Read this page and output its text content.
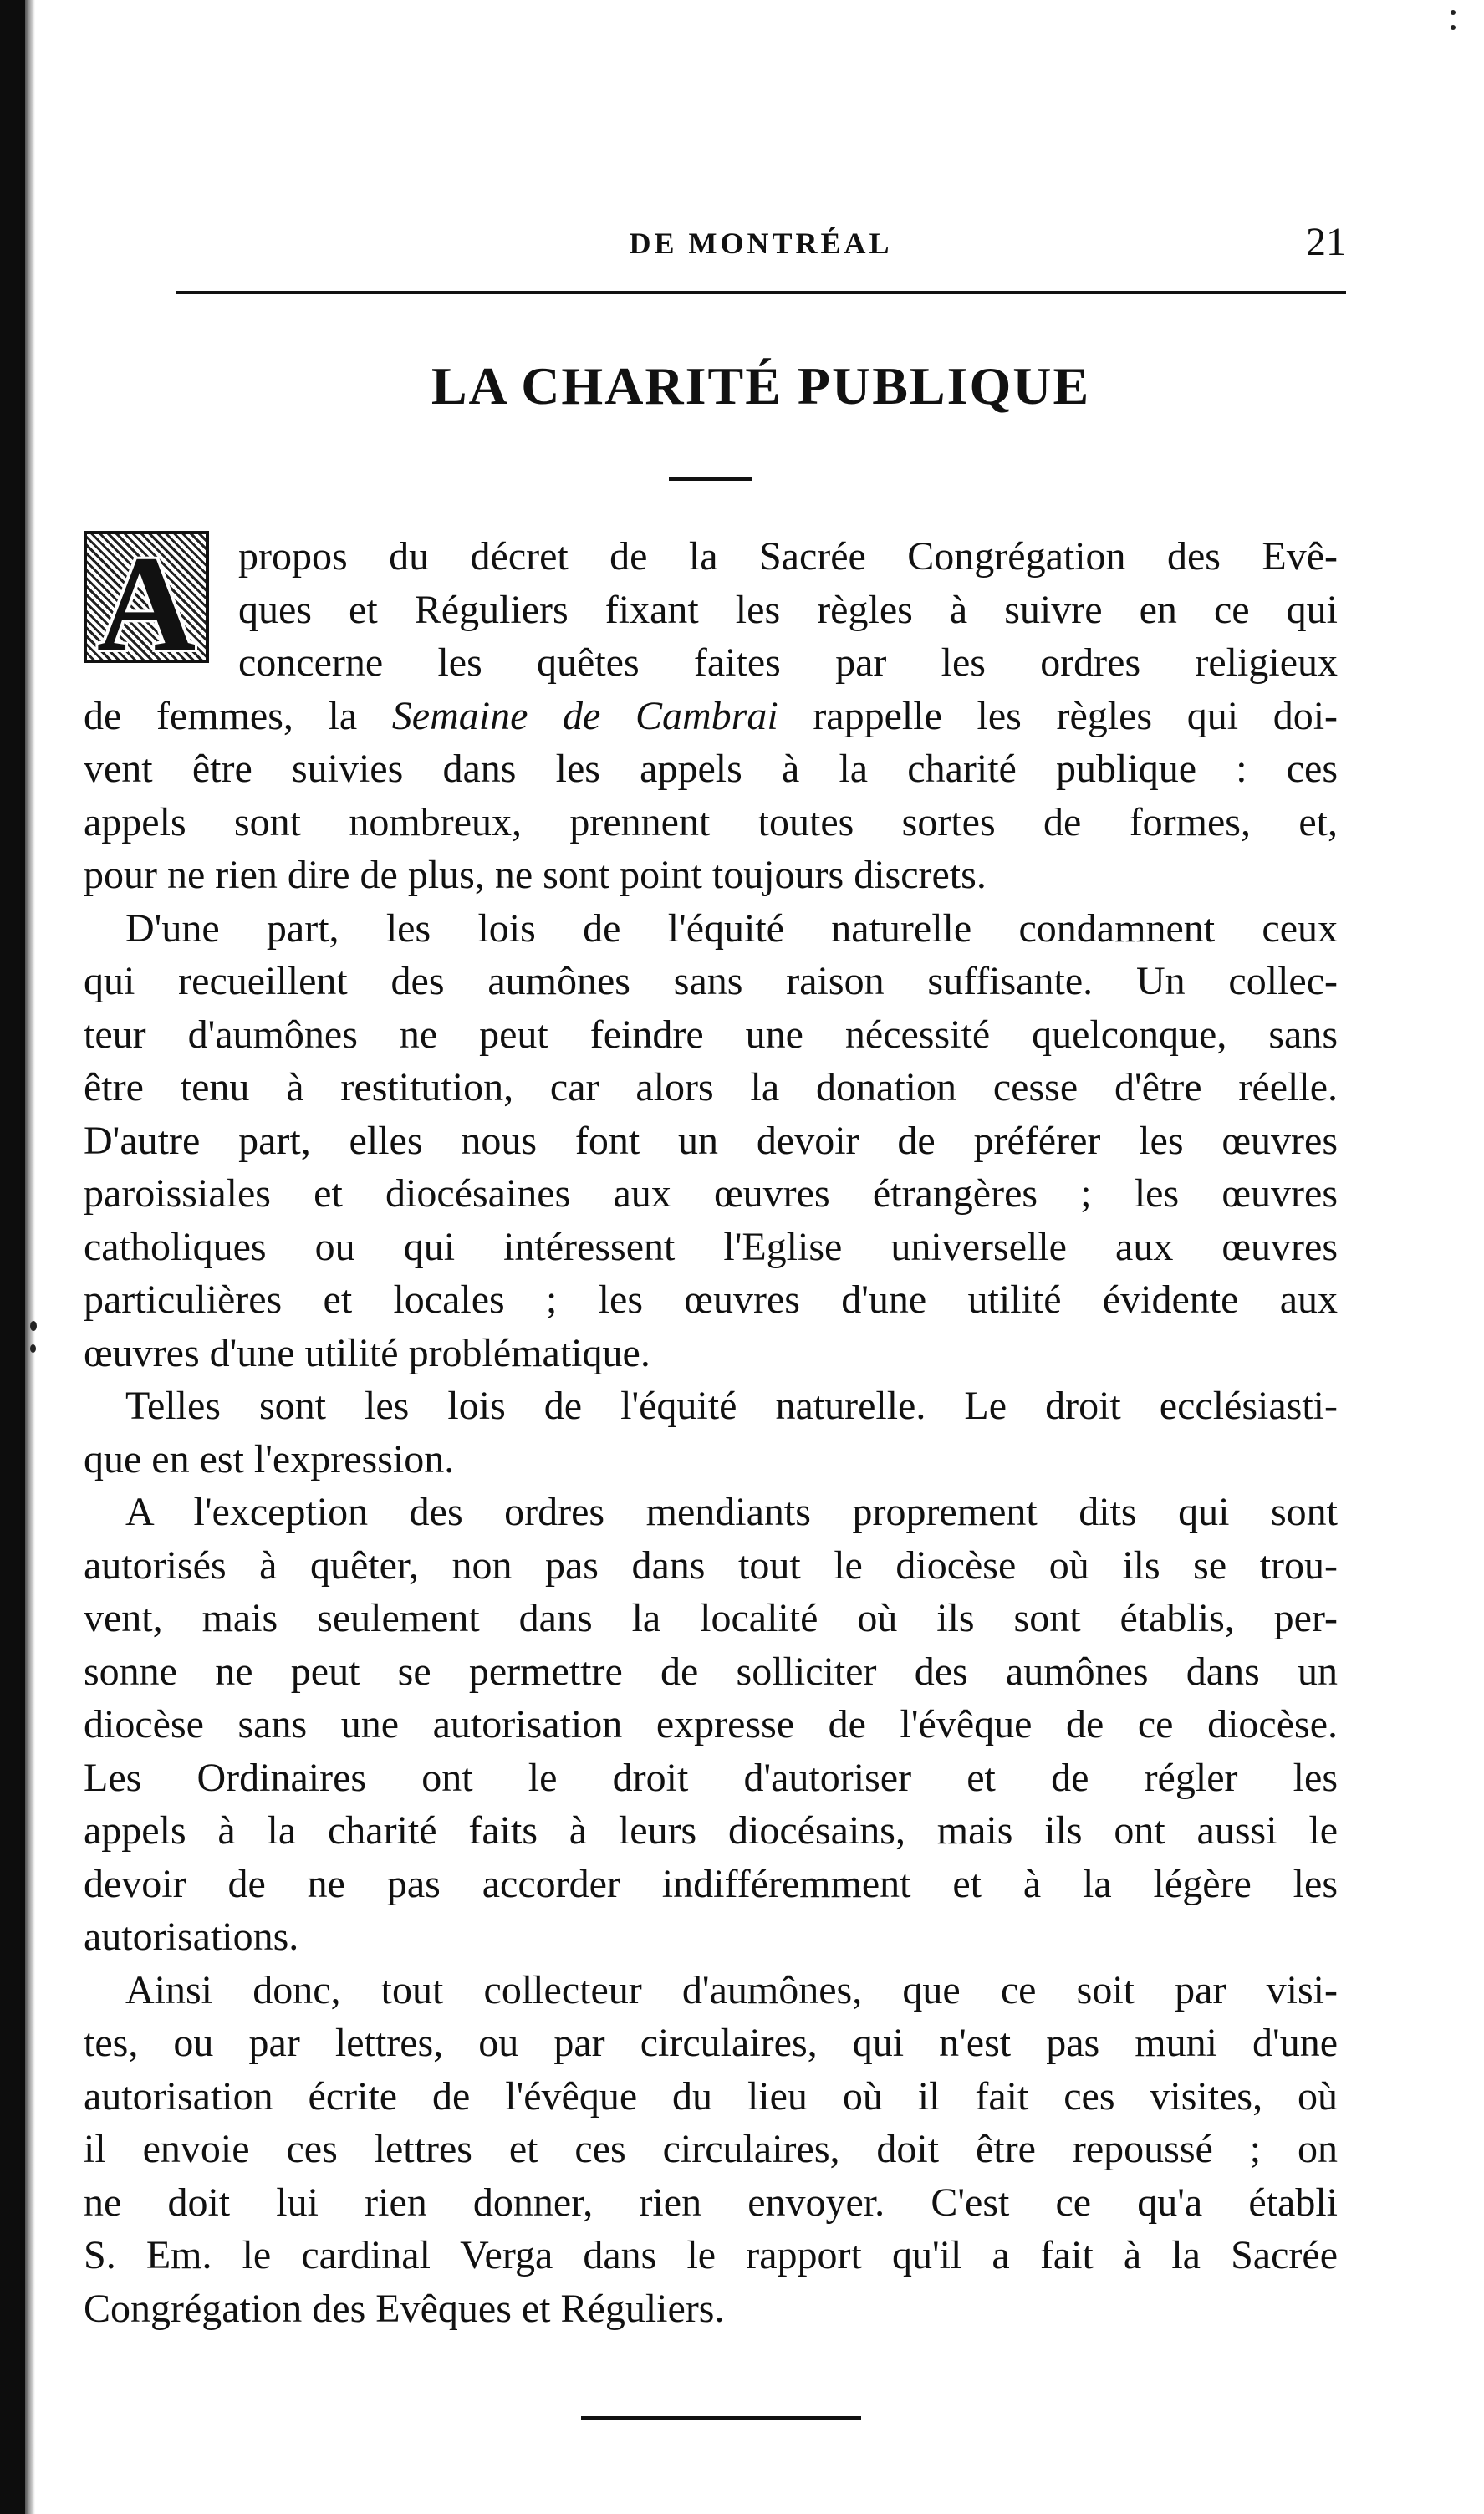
DE MONTRÉAL	21
LA CHARITÉ PUBLIQUE
A propos du décret de la Sacrée Congrégation des Evê-
ques et Réguliers fixant les règles à suivre en ce qui
concerne les quêtes faites par les ordres religieux
de femmes, la Semaine de Cambrai rappelle les règles qui doi-
vent être suivies dans les appels à la charité publique : ces
appels sont nombreux, prennent toutes sortes de formes, et,
pour ne rien dire de plus, ne sont point toujours discrets.
D'une part, les lois de l'équité naturelle condamnent ceux
qui recueillent des aumônes sans raison suffisante. Un collec-
teur d'aumônes ne peut feindre une nécessité quelconque, sans
être tenu à restitution, car alors la donation cesse d'être réelle.
D'autre part, elles nous font un devoir de préférer les œuvres
paroissiales et diocésaines aux œuvres étrangères ; les œuvres
catholiques ou qui intéressent l'Eglise universelle aux œuvres
particulières et locales ; les œuvres d'une utilité évidente aux
œuvres d'une utilité problématique.
Telles sont les lois de l'équité naturelle. Le droit ecclésiasti-
que en est l'expression.
A l'exception des ordres mendiants proprement dits qui sont
autorisés à quêter, non pas dans tout le diocèse où ils se trou-
vent, mais seulement dans la localité où ils sont établis, per-
sonne ne peut se permettre de solliciter des aumônes dans un
diocèse sans une autorisation expresse de l'évêque de ce diocèse.
Les Ordinaires ont le droit d'autoriser et de régler les
appels à la charité faits à leurs diocésains, mais ils ont aussi le
devoir de ne pas accorder indifféremment et à la légère les
autorisations.
Ainsi donc, tout collecteur d'aumônes, que ce soit par visi-
tes, ou par lettres, ou par circulaires, qui n'est pas muni d'une
autorisation écrite de l'évêque du lieu où il fait ces visites, où
il envoie ces lettres et ces circulaires, doit être repoussé ; on
ne doit lui rien donner, rien envoyer. C'est ce qu'a établi
S. Em. le cardinal Verga dans le rapport qu'il a fait à la Sacrée
Congrégation des Evêques et Réguliers.
